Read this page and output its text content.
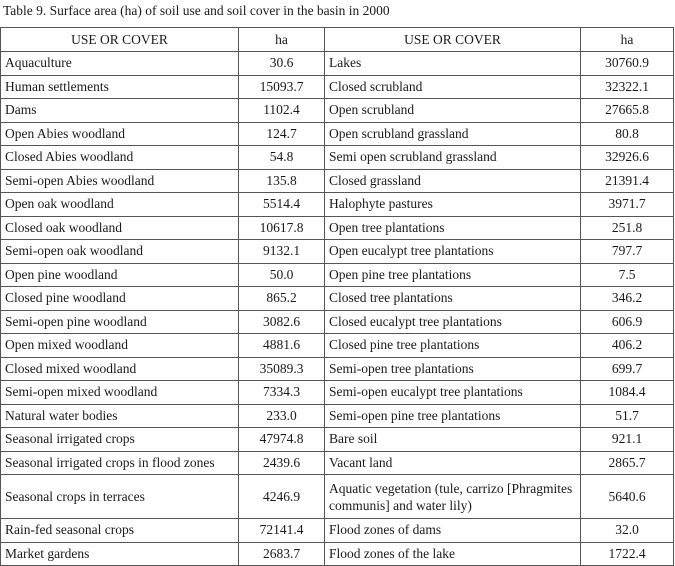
Table 9. Surface area (ha) of soil use and soil cover in the basin in 2000
USE OR COVER	ha	USE OR COVER	ha
Aquaculture	30.6	Lakes	30760.9
Human settlements	15093.7	Closed scrubland	32322.1
Dams	1102.4	Open scrubland	27665.8
Open Abies woodland	124.7	Open scrubland grassland	80.8
Closed Abies woodland	54.8	Semi open scrubland grassland	32926.6
Semi-open Abies woodland	135.8	Closed grassland	21391.4
Open oak woodland	5514.4	Halophyte pastures	3971.7
Closed oak woodland	10617.8	Open tree plantations	251.8
Semi-open oak woodland	9132.1	Open eucalypt tree plantations	797.7
Open pine woodland	50.0	Open pine tree plantations	7.5
Closed pine woodland	865.2	Closed tree plantations	346.2
Semi-open pine woodland	3082.6	Closed eucalypt tree plantations	606.9
Open mixed woodland	4881.6	Closed pine tree plantations	406.2
Closed mixed woodland	35089.3	Semi-open tree plantations	699.7
Semi-open mixed woodland	7334.3	Semi-open eucalypt tree plantations	1084.4
Natural water bodies	233.0	Semi-open pine tree plantations	51.7
Seasonal irrigated crops	47974.8	Bare soil	921.1
Seasonal irrigated crops in flood zones	2439.6	Vacant land	2865.7
Seasonal crops in terraces	4246.9	Aquatic vegetation (tule, carrizo [Phragmites communis] and water lily)	5640.6
Rain-fed seasonal crops	72141.4	Flood zones of dams	32.0
Market gardens	2683.7	Flood zones of the lake	1722.4
